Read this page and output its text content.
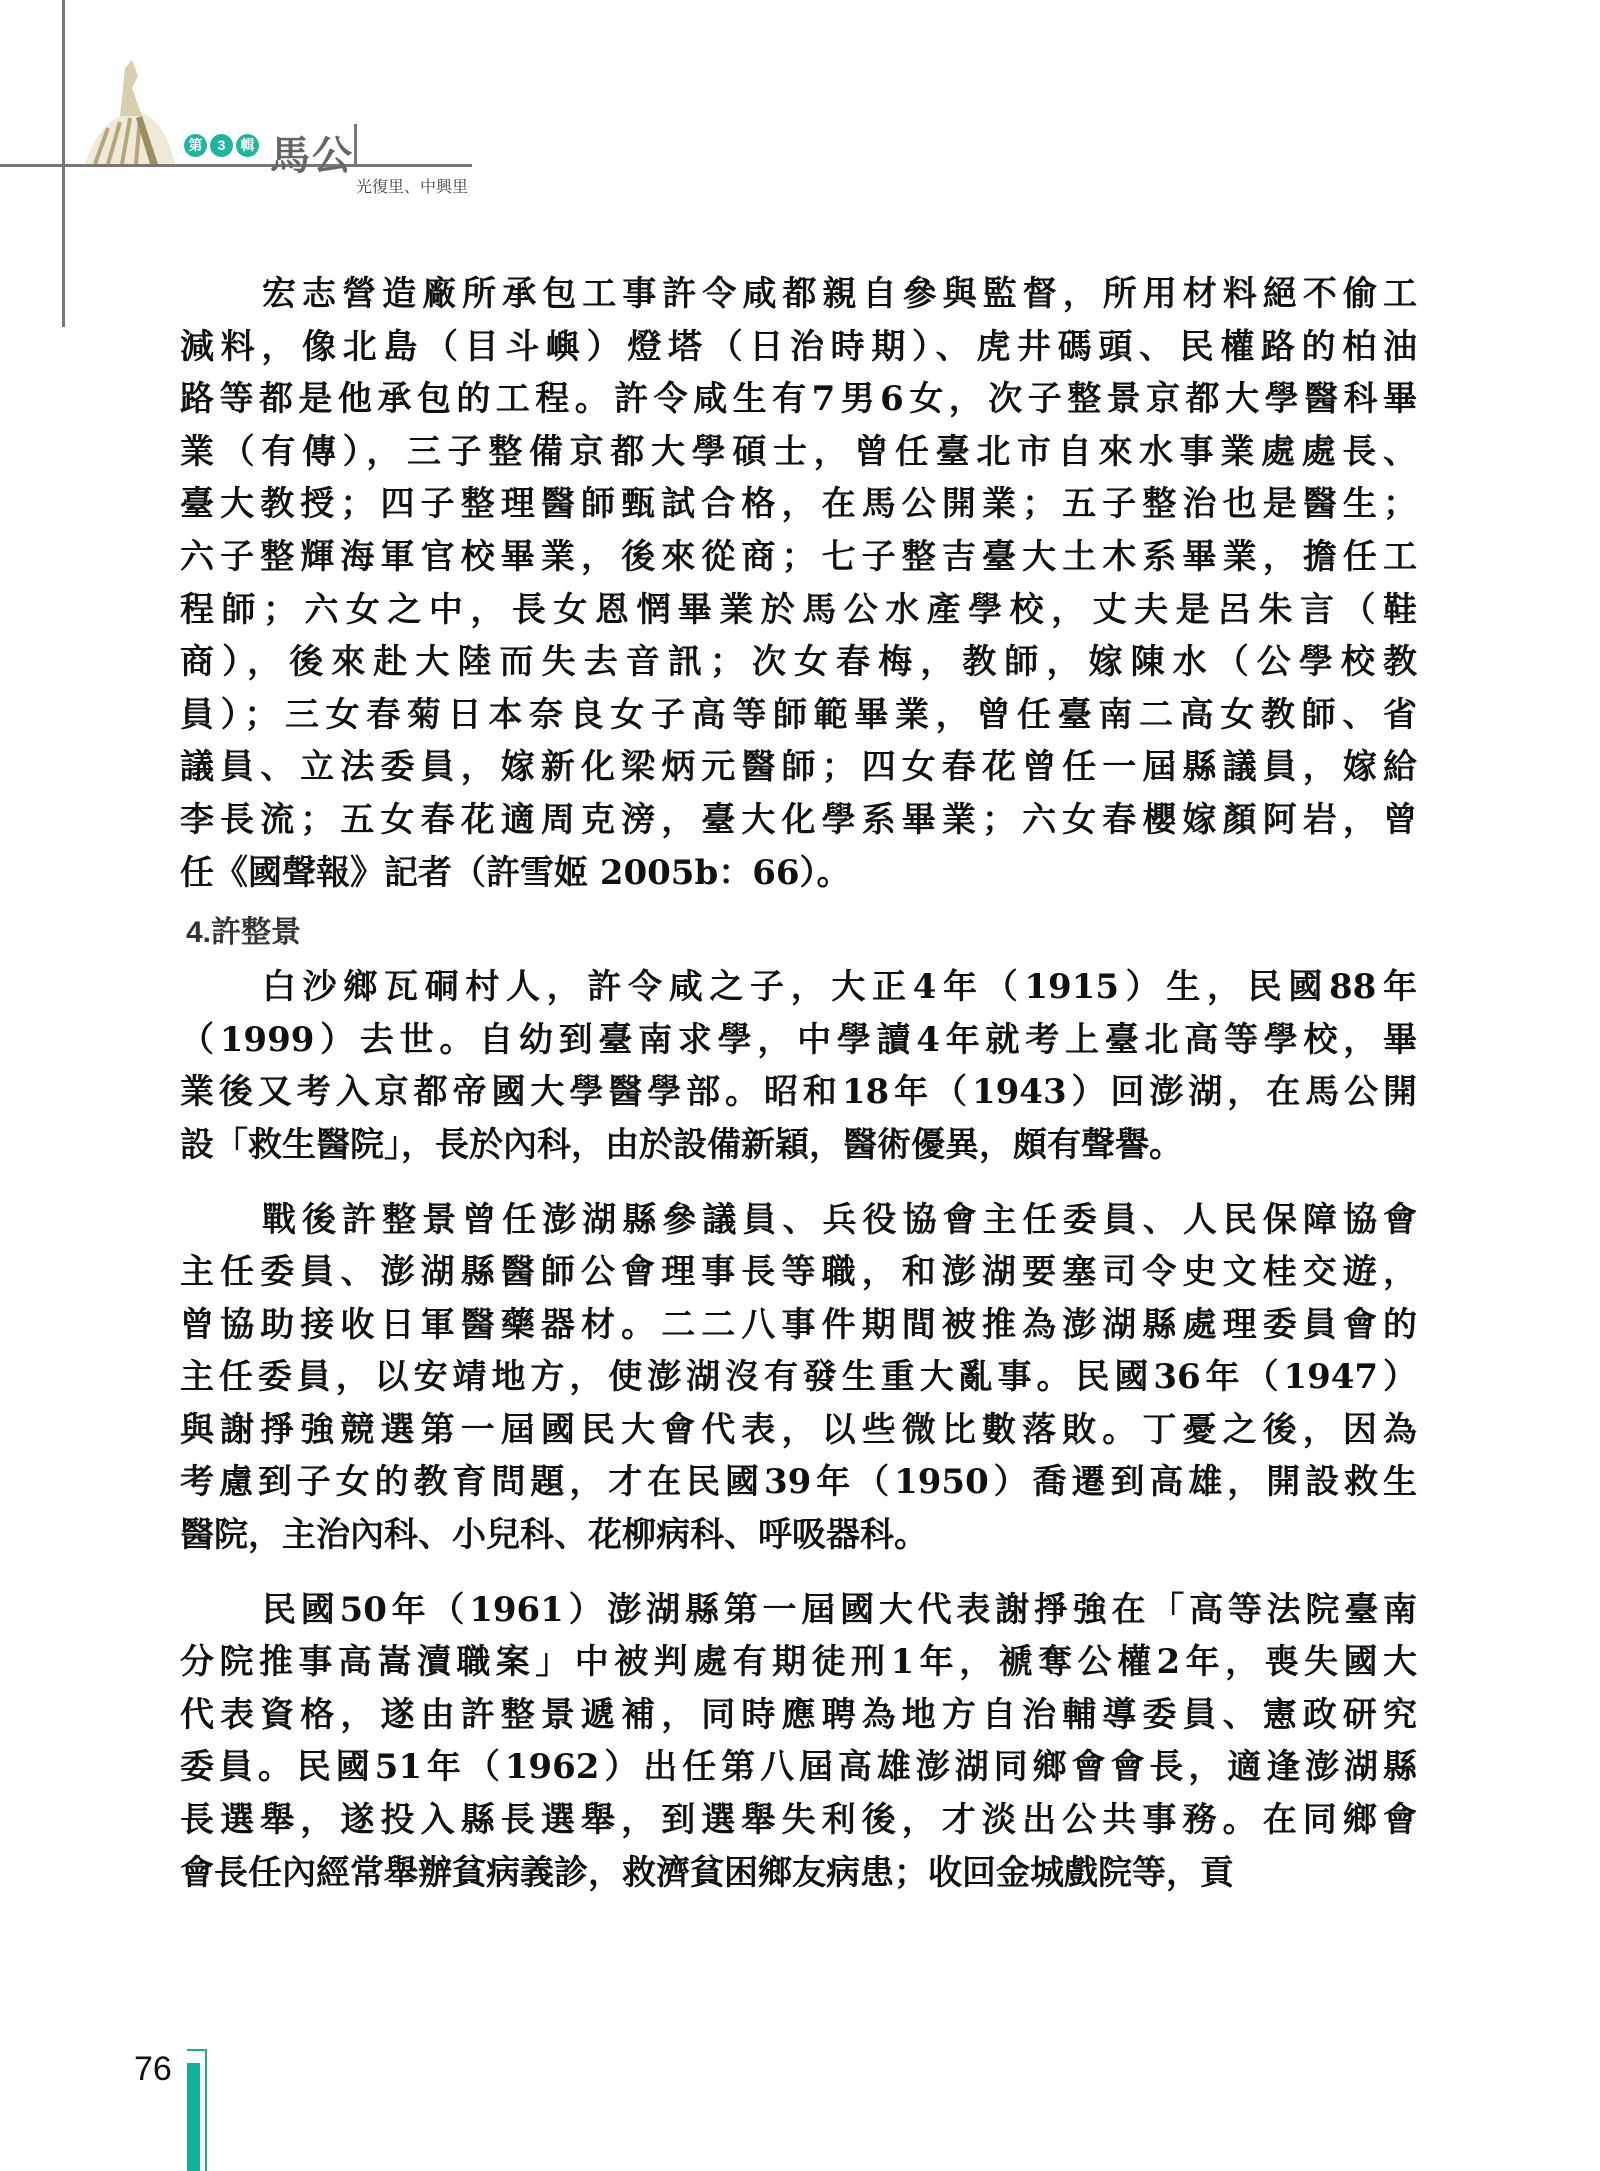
第	3	輯 馬公
光復里、中興里
宏志營造廠所承包工事許令咸都親自參與監督，所用材料絕不偷工
減料，像北島（目斗嶼）燈塔（日治時期）、虎井碼頭、民權路的柏油
路等都是他承包的工程。許令咸生有7男6女，次子整景京都大學醫科畢
業（有傳），三子整備京都大學碩士，曾任臺北市自來水事業處處長、
臺大教授；四子整理醫師甄試合格，在馬公開業；五子整治也是醫生；
六子整輝海軍官校畢業，後來從商；七子整吉臺大土木系畢業，擔任工
程師；六女之中，長女恩惘畢業於馬公水產學校，丈夫是呂朱言（鞋
商），後來赴大陸而失去音訊；次女春梅，教師，嫁陳水（公學校教
員）；三女春菊日本奈良女子高等師範畢業，曾任臺南二高女教師、省
議員、立法委員，嫁新化梁炳元醫師；四女春花曾任一屆縣議員，嫁給
李長流；五女春花適周克滂，臺大化學系畢業；六女春櫻嫁顏阿岩，曾
任《國聲報》記者（許雪姬 2005b：66）。
4.許整景
白沙鄉瓦硐村人，許令咸之子，大正4年（1915）生，民國88年
（1999）去世。自幼到臺南求學，中學讀4年就考上臺北高等學校，畢
業後又考入京都帝國大學醫學部。昭和18年（1943）回澎湖，在馬公開
設「救生醫院」，長於內科，由於設備新穎，醫術優異，頗有聲譽。
戰後許整景曾任澎湖縣參議員、兵役協會主任委員、人民保障協會
主任委員、澎湖縣醫師公會理事長等職，和澎湖要塞司令史文桂交遊，
曾協助接收日軍醫藥器材。二二八事件期間被推為澎湖縣處理委員會的
主任委員，以安靖地方，使澎湖沒有發生重大亂事。民國36年（1947）
與謝掙強競選第一屆國民大會代表，以些微比數落敗。丁憂之後，因為
考慮到子女的教育問題，才在民國39年（1950）喬遷到高雄，開設救生
醫院，主治內科、小兒科、花柳病科、呼吸器科。
民國50年（1961）澎湖縣第一屆國大代表謝掙強在「高等法院臺南
分院推事高嵩瀆職案」中被判處有期徒刑1年，褫奪公權2年，喪失國大
代表資格，遂由許整景遞補，同時應聘為地方自治輔導委員、憲政研究
委員。民國51年（1962）出任第八屆高雄澎湖同鄉會會長，適逢澎湖縣
長選舉，遂投入縣長選舉，到選舉失利後，才淡出公共事務。在同鄉會
會長任內經常舉辦貧病義診，救濟貧困鄉友病患；收回金城戲院等，貢
76
